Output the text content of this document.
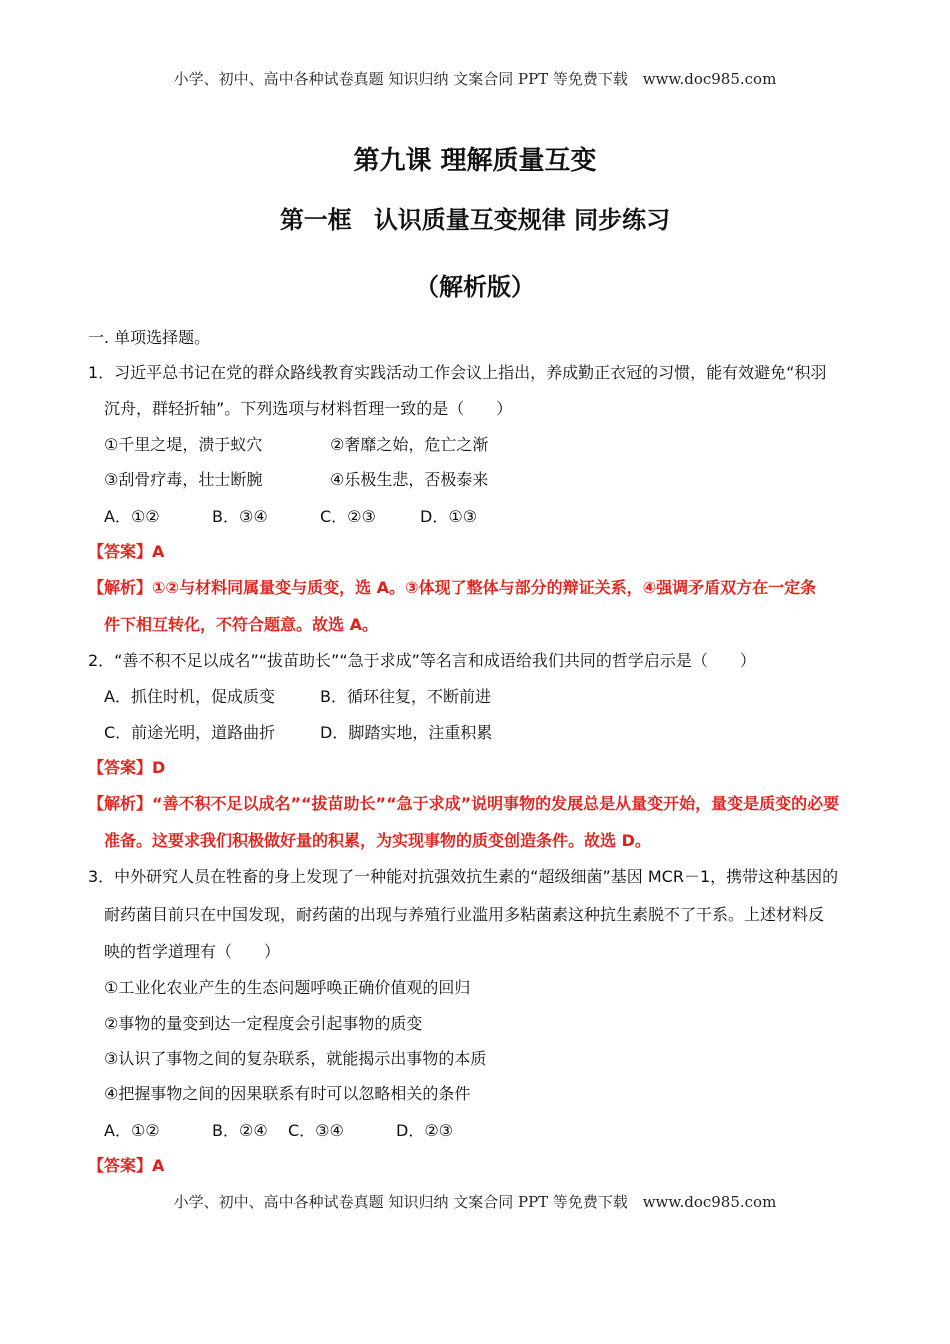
小学、初中、高中各种试卷真题 知识归纳 文案合同 PPT 等免费下载 www.doc985.com
第九课 理解质量互变
第一框 认识质量互变规律 同步练习
（解析版）
一. 单项选择题。
1．习近平总书记在党的群众路线教育实践活动工作会议上指出，养成勤正衣冠的习惯，能有效避免“积羽
沉舟，群轻折轴”。下列选项与材料哲理一致的是（　　）
①千里之堤，溃于蚁穴	②奢靡之始，危亡之渐
③刮骨疗毒，壮士断腕	④乐极生悲，否极泰来
A．①②	B．③④	C．②③	D．①③
【答案】A
【解析】①②与材料同属量变与质变，选 A。③体现了整体与部分的辩证关系，④强调矛盾双方在一定条
件下相互转化，不符合题意。故选 A。
2．“善不积不足以成名”“拔苗助长”“急于求成”等名言和成语给我们共同的哲学启示是（　　）
A．抓住时机，促成质变	B．循环往复，不断前进
C．前途光明，道路曲折	D．脚踏实地，注重积累
【答案】D
【解析】“善不积不足以成名”“拔苗助长”“急于求成”说明事物的发展总是从量变开始，量变是质变的必要
准备。这要求我们积极做好量的积累，为实现事物的质变创造条件。故选 D。
3．中外研究人员在牲畜的身上发现了一种能对抗强效抗生素的“超级细菌”基因 MCR－1，携带这种基因的
耐药菌目前只在中国发现，耐药菌的出现与养殖行业滥用多粘菌素这种抗生素脱不了干系。上述材料反
映的哲学道理有（　　）
①工业化农业产生的生态问题呼唤正确价值观的回归
②事物的量变到达一定程度会引起事物的质变
③认识了事物之间的复杂联系，就能揭示出事物的本质
④把握事物之间的因果联系有时可以忽略相关的条件
A．①②	B．②④ C．③④	D．②③
【答案】A
小学、初中、高中各种试卷真题 知识归纳 文案合同 PPT 等免费下载 www.doc985.com
